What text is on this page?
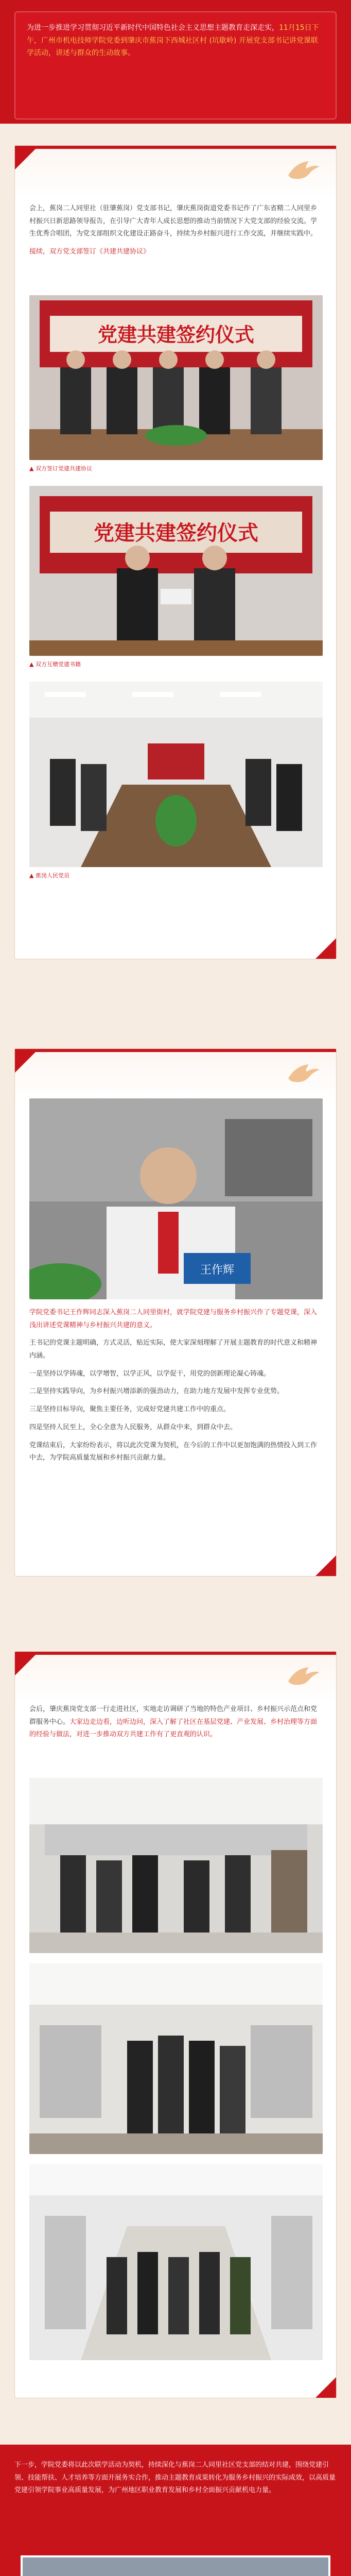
为进一步推进学习贯彻习近平新时代中国特色社会主义思想主题教育走深走实，11月15日下午，广州市机电技师学院党委到肇庆市蕉岗下西城社区村 (坑歇岭) 开展党支部书记讲党课联学活动，讲述与群众的生动故事。

会上，蕉岗二人同里社（驻肇蕉岗）党支部书记，肇庆蕉岗街道党委书记作了广东省精二人同里乡村振兴日新思路领导报告，在引导广大青年人成长思想的推动当前情况下大党支部的经验交流。学生优秀合唱团，为党支部组织文化建设正路奋斗，持续为乡村振兴进行工作交流，并继续实践中。

接续，双方党支部签订《共建共建协议》

党建共建签约仪式
▲ 双方签订党建共建协议
党建共建签约仪式
▲ 双方互赠党建书籍
▲ 蕉岗人民党员
王作辉

学院党委书记王作辉同志深入蕉岗二人同里街村，就学院党建与服务乡村振兴作了专题党课，深入浅出讲述党课精神与乡村振兴共建的意义。

王书记的党课主题明确，方式灵活，贴近实际，使大家深刻理解了开展主题教育的时代意义和精神内涵。

一是坚持以学铸魂，以学增智，以学正风，以学促干，用党的创新理论凝心铸魂。

二是坚持实践导向，为乡村振兴增添新的强劲动力，在助力地方发展中发挥专业优势。

三是坚持目标导向，聚焦主要任务，完成好党建共建工作中的重点。

四是坚持人民至上，全心全意为人民服务，从群众中来，到群众中去。

党课结束后，大家纷纷表示，将以此次党课为契机，在今后的工作中以更加饱满的热情投入到工作中去，为学院高质量发展和乡村振兴贡献力量。

会后，肇庆蕉岗党支部一行走进社区，实地走访调研了当地的特色产业项目、乡村振兴示范点和党群服务中心。大家边走边看，边听边问，深入了解了社区在基层党建、产业发展、乡村治理等方面的经验与做法，对进一步推动双方共建工作有了更直观的认识。

下一步，学院党委将以此次联学活动为契机，持续深化与蕉岗二人同里社区党支部的结对共建，围绕党建引领、技能帮扶、人才培养等方面开展务实合作，推动主题教育成果转化为服务乡村振兴的实际成效，以高质量党建引领学院事业高质量发展，为广州地区职业教育发展和乡村全面振兴贡献机电力量。
